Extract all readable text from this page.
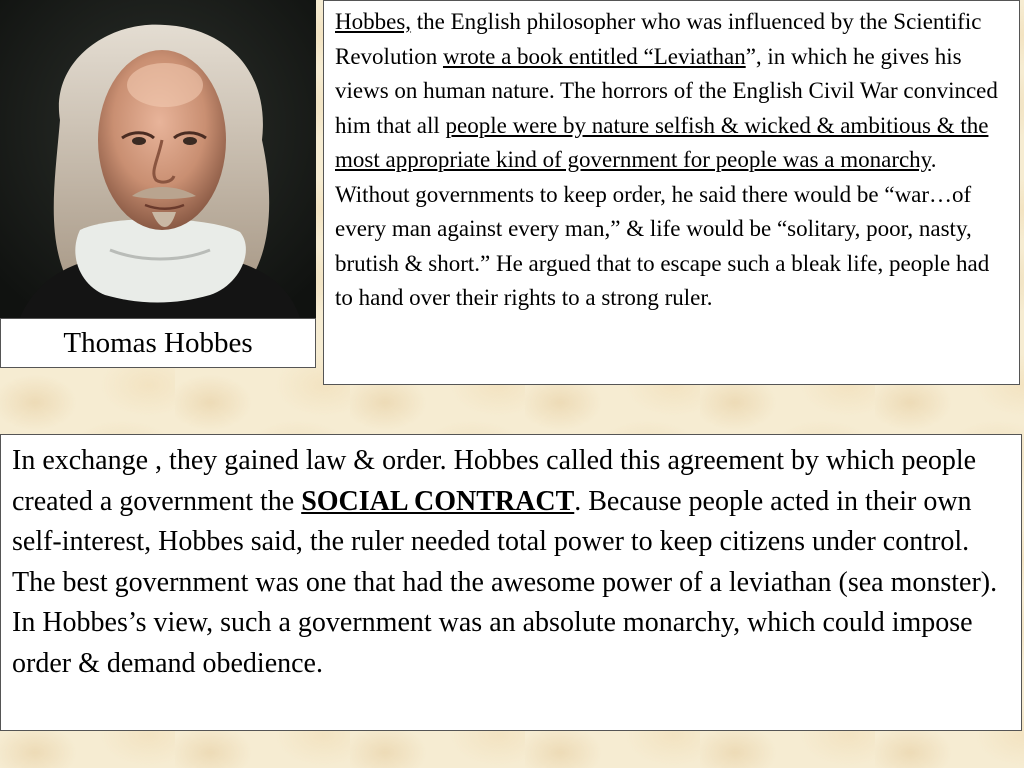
Thomas Hobbes
Hobbes, the English philosopher who was influenced by the Scientific Revolution wrote a book entitled “Leviathan”, in which he gives his views on human nature. The horrors of the English Civil War convinced him that all people were by nature selfish & wicked & ambitious & the most appropriate kind of government for people was a monarchy. Without governments to keep order, he said there would be “war…of every man against every man,” & life would be “solitary, poor, nasty, brutish & short.” He argued that to escape such a bleak life, people had to hand over their rights to a strong ruler.
In exchange , they gained law & order. Hobbes called this agreement by which people created a government the SOCIAL CONTRACT. Because people acted in their own self-interest, Hobbes said, the ruler needed total power to keep citizens under control. The best government was one that had the awesome power of a leviathan (sea monster). In Hobbes’s view, such a government was an absolute monarchy, which could impose order & demand obedience.
